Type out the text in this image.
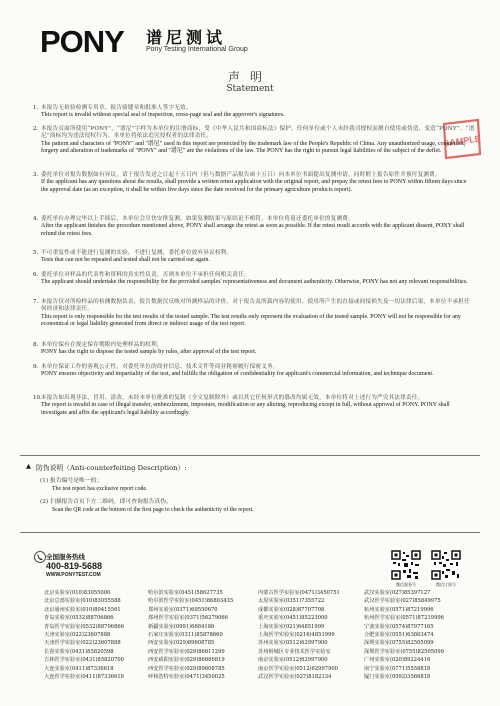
PONY 谱尼测试
Pony Testing International Group
声明
Statement
SAMPLE
1. 本报告无检验检测专用章、报告骑缝章和批准人签字无效。
This report is invalid without special seal of inspection, cross-page seal and the approver's signatures.
2. 本报告页面所使用“PONY”、“谱尼”字样为本单位的注册商标，受《中华人民共和国商标法》保护。任何单位或个人未经我司授权而擅自使用或伪造、变造“PONY”、“谱尼”商标均为违法侵权行为。本单位将依法追究侵权者的法律责任。
The pattern and characters of "PONY" and "谱尼" used in this report are protected by the trademark law of the People's Republic of China. Any unauthorized usage, counterfeit, forgery and alteration of trademarks of "PONY" and "谱尼" are the violations of the law. The PONY has the right to pursuit legal liabilities of the subject of the deflet.
3. 委托单位对报告数据如有异议，请于报告发送之日起十五日内（但与数据产品报告函十五日）向本单位书面提出复测申请，同时附上报告原件并预付复测费。
If the applicant has any questions about the results, shall provide a written retest application with the original report, and prepay the retest fees to PONY within fifteen days since the approval date (as an exception, it shall be within five days since the date received for the primary agriculture products report).
4. 委托单位办理完毕以上手续后，本单位会尽快安排复测。如果复测结果与原结论不相符，本单位将返还委托单位的复测费。
After the applicant finishes the procedure mentioned above, PONY shall arrange the retest as soon as possible. If the retest result accords with the applicant dissent, PONY shall refund the retest fees.
5. 不可重复性或不能进行复测的实验，不进行复测，委托单位放弃异议权利。
Tests that can not be repeated and tested shall not be carried out again.
6. 委托单位对样品的代表性和资料的真实性负责，否则本单位不承担任何相关责任。
The applicant should undertake the responsibility for the provided samples' representativeness and document authenticity. Otherwise, PONY has not any relevant responsibilities.
7. 本报告仅对所检样品的检测数据负责，报告数据仅反映对所测样品的评价。对于报告及所载内容的使用、使用所产生的直接或间接损失及一切法律后果，本单位不承担任何经济和法律责任。
This report is only responsible for the test results of the tested sample. The test results only represent the evaluation of the tested sample. PONY will not be responsible for any economical or legal liability generated from direct or indirect usage of the test report.
8. 本单位保有在规定保存期限内处理样品的权利。
PONY has the right to dispose the tested sample by rules, after approval of the test report.
9. 本单位保证工作的客观公正性，对委托单位的商业信息、技术文件等商业秘密履行保密义务。
PONY ensures objectivity and impartiality of the test, and fulfills the obligation of confidentiality for applicant's commercial information, and technique document.
10. 本报告如出现非法、冒用、涂改、未经本单位批准的复制（全文复制除外）或以其它任何形式的篡改均属无效，本单位将对上述行为严究其法律责任。
The report is invalid in case of illegal transfer, embezzlement, imposture, modification or any altering, reproducing except in full, without approval of PONY. PONY shall investigate and affix the applicant's legal liability accordingly.
▲ 防伪说明（Anti-counterfeiting Description）:
(1) 报告编号是唯一的；
The test report has exclusive report code.
(2) 扫描报告首页下方二维码，即可查询报告真伪。
Scan the QR code at the bottom of the first page to check the authenticity of the report.
全国服务热线
400-819-5688
WWW.PONYTEST.COM
微信服务号	微信订阅号
北京实验室(010)83055000
北京总部实验室(010)83055588
北京通州实验室(010)80415561
青岛实验室(0532)88706866
青岛医学实验室(0532)88706866
天津实验室(022)23607888
天津医学实验室(022)23607888
长春实验室(0431)85820598
吉林医学实验室(0431)85820700
大连实验室(0411)87336618
大连医学实验室(0411)87336618
哈尔滨实验室(0451)58627735
哈尔滨医学实验室(0451)86803435
郑州实验室(0371)69550670
郑州医学实验室(0371)56279066
新疆实验室(0991)6684186
石家庄实验室(0311)85878660
西安实验室(029)89608785
西安医学实验室(029)86811299
西安咸阳实验室(029)86886819
西安医学实验室(029)89608785
呼和浩特实验室(0471)3450025
内蒙古医学实验室(0471)3450751
太原实验室(0351)7355722
成都实验室(028)87707708
重庆实验室(0451)85223000
上海实验室(021)64851999
上海医学实验室(0216)4851999
苏州实验室(0512)62997900
苏州相城区专业技术医学实验室
南京实验室(0512)62997900
南京医学实验室(0512)62997900
武汉医学实验室(027)8182134
武汉实验室(027)85397127
武汉医学实验室(027)85849975
杭州实验室(0571)87219996
杭州医学实验室(0571)87219996
宁波实验室(0574)87977165
合肥实验室(0551)63863474
深圳实验室(0755)82505099
深圳医学实验室(0755)82505099
广州实验室(020)89224416
南宁实验室(0771)5558818
厦门实验室(0592)3566818
